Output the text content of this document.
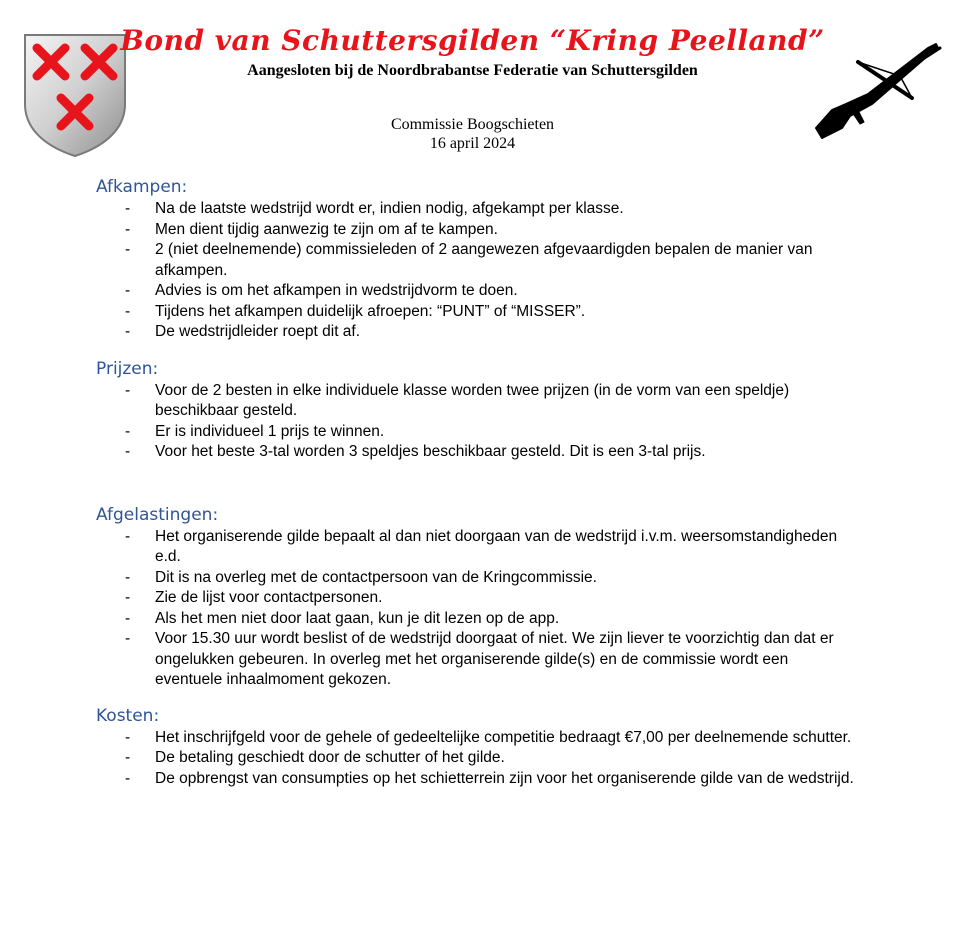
Bond van Schuttersgilden “Kring Peelland”
Aangesloten bij de Noordbrabantse Federatie van Schuttersgilden
Commissie Boogschieten
16 april 2024
Afkampen:
- Na de laatste wedstrijd wordt er, indien nodig, afgekampt per klasse.
- Men dient tijdig aanwezig te zijn om af te kampen.
- 2 (niet deelnemende) commissieleden of 2 aangewezen afgevaardigden bepalen de manier van afkampen.
- Advies is om het afkampen in wedstrijdvorm te doen.
- Tijdens het afkampen duidelijk afroepen: “PUNT” of “MISSER”.
- De wedstrijdleider roept dit af.
Prijzen:
- Voor de 2 besten in elke individuele klasse worden twee prijzen (in de vorm van een speldje) beschikbaar gesteld.
- Er is individueel 1 prijs te winnen.
- Voor het beste 3-tal worden 3 speldjes beschikbaar gesteld. Dit is een 3-tal prijs.
Afgelastingen:
- Het organiserende gilde bepaalt al dan niet doorgaan van de wedstrijd i.v.m. weersomstandigheden e.d.
- Dit is na overleg met de contactpersoon van de Kringcommissie.
- Zie de lijst voor contactpersonen.
- Als het men niet door laat gaan, kun je dit lezen op de app.
- Voor 15.30 uur wordt beslist of de wedstrijd doorgaat of niet. We zijn liever te voorzichtig dan dat er ongelukken gebeuren. In overleg met het organiserende gilde(s) en de commissie wordt een eventuele inhaalmoment gekozen.
Kosten:
- Het inschrijfgeld voor de gehele of gedeeltelijke competitie bedraagt €7,00 per deelnemende schutter.
- De betaling geschiedt door de schutter of het gilde.
- De opbrengst van consumpties op het schietterrein zijn voor het organiserende gilde van de wedstrijd.
